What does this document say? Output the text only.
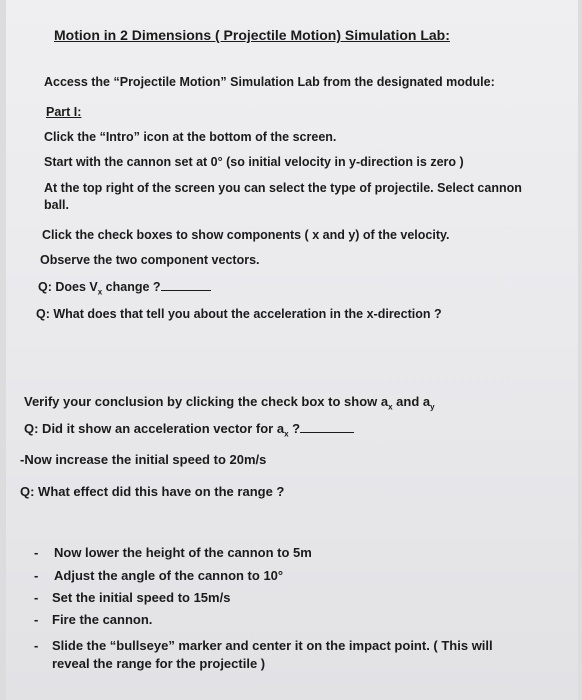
Motion in 2 Dimensions ( Projectile Motion) Simulation Lab:
Access the “Projectile Motion” Simulation Lab from the designated module:
Part I:
Click the “Intro” icon at the bottom of the screen.
Start with the cannon set at 0° (so initial velocity in y-direction is zero )
At the top right of the screen you can select the type of projectile. Select cannon
ball.
Click the check boxes to show components ( x and y) of the velocity.
Observe the two component vectors.
Q: Does $V_x$ change ?
Q: What does that tell you about the acceleration in the x-direction ?
Verify your conclusion by clicking the check box to show $a_x$ and $a_y$
Q: Did it show an acceleration vector for $a_x$ ?
-Now increase the initial speed to 20m/s
Q: What effect did this have on the range ?
- Now lower the height of the cannon to 5m
- Adjust the angle of the cannon to 10°
- Set the initial speed to 15m/s
- Fire the cannon.
- Slide the “bullseye” marker and center it on the impact point. ( This will
reveal the range for the projectile )
